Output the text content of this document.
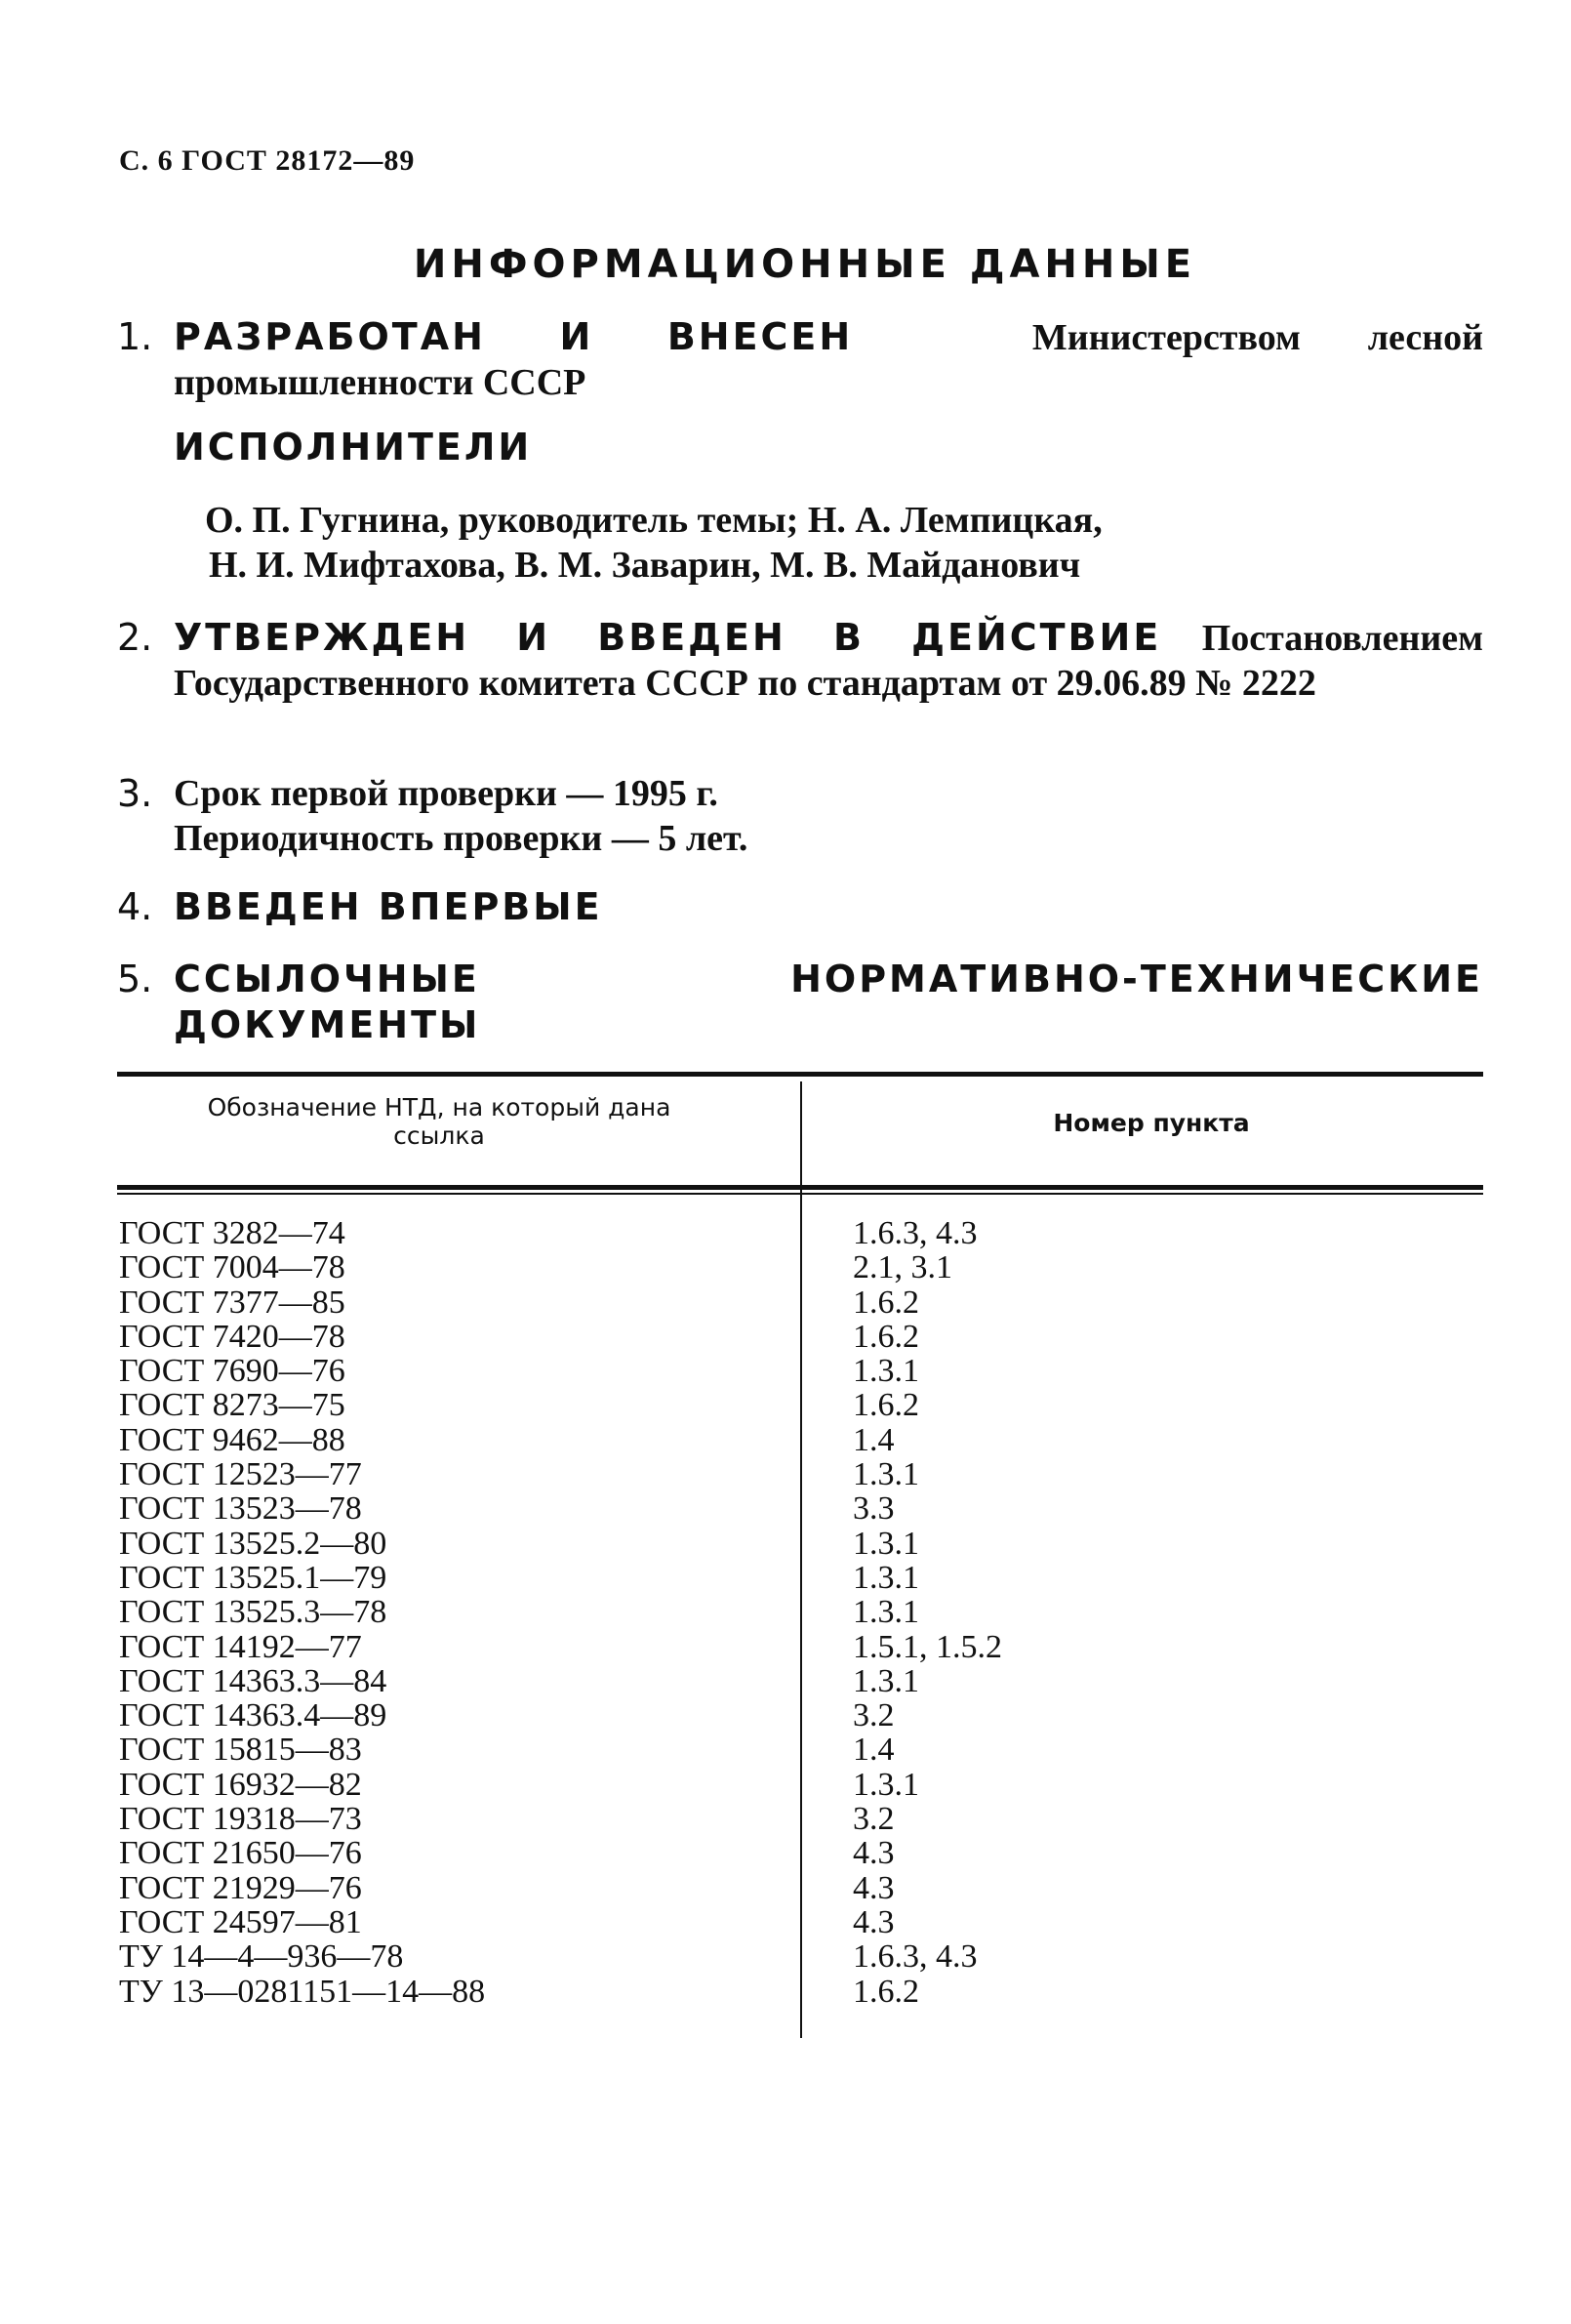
С. 6 ГОСТ 28172—89
ИНФОРМАЦИОННЫЕ ДАННЫЕ
1. РАЗРАБОТАН И ВНЕСЕН	Министерством лесной промышленности СССР
ИСПОЛНИТЕЛИ
О. П. Гугнина, руководитель темы; Н. А. Лемпицкая,
Н. И. Мифтахова, В. М. Заварин, М. В. Майданович
2. УТВЕРЖДЕН И ВВЕДЕН В ДЕЙСТВИЕ Постановлением Государственного комитета СССР по стандартам от 29.06.89 № 2222
3. Срок первой проверки — 1995 г.
Периодичность проверки — 5 лет.
4. ВВЕДЕН ВПЕРВЫЕ
5. ССЫЛОЧНЫЕ НОРМАТИВНО-ТЕХНИЧЕСКИЕ ДОКУМЕНТЫ
Обозначение НТД, на который дана ссылка	Номер пункта
ГОСТ 3282—74	1.6.3, 4.3
ГОСТ 7004—78	2.1, 3.1
ГОСТ 7377—85	1.6.2
ГОСТ 7420—78	1.6.2
ГОСТ 7690—76	1.3.1
ГОСТ 8273—75	1.6.2
ГОСТ 9462—88	1.4
ГОСТ 12523—77	1.3.1
ГОСТ 13523—78	3.3
ГОСТ 13525.2—80	1.3.1
ГОСТ 13525.1—79	1.3.1
ГОСТ 13525.3—78	1.3.1
ГОСТ 14192—77	1.5.1, 1.5.2
ГОСТ 14363.3—84	1.3.1
ГОСТ 14363.4—89	3.2
ГОСТ 15815—83	1.4
ГОСТ 16932—82	1.3.1
ГОСТ 19318—73	3.2
ГОСТ 21650—76	4.3
ГОСТ 21929—76	4.3
ГОСТ 24597—81	4.3
ТУ 14—4—936—78	1.6.3, 4.3
ТУ 13—0281151—14—88	1.6.2
